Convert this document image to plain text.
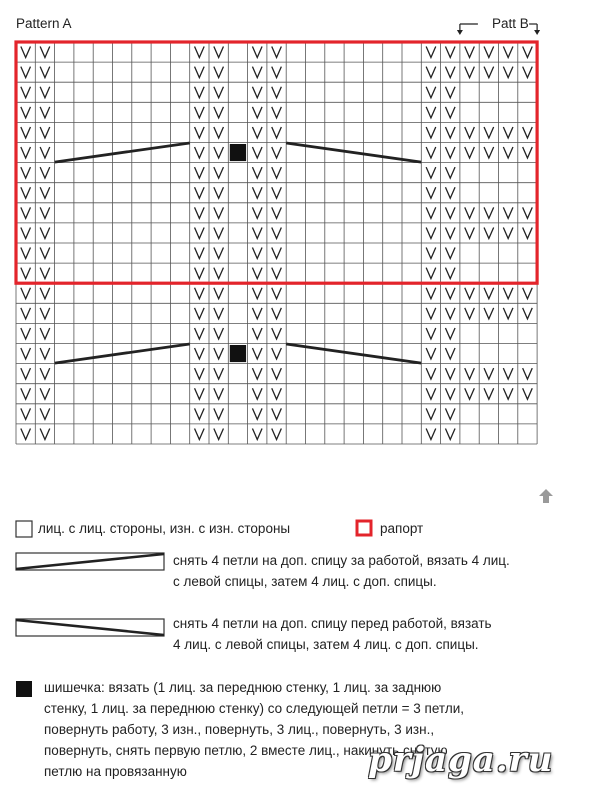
Pattern A	Patt B
лиц. с лиц. стороны, изн. с изн. стороны	рапорт
снять 4 петли на доп. спицу за работой, вязать 4 лиц.
с левой спицы, затем 4 лиц. с доп. спицы.
снять 4 петли на доп. спицу перед работой, вязать
4 лиц. с левой спицы, затем 4 лиц. с доп. спицы.
шишечка: вязать (1 лиц. за переднюю стенку, 1 лиц. за заднюю
стенку, 1 лиц. за переднюю стенку) со следующей петли = 3 петли,
повернуть работу, 3 изн., повернуть, 3 лиц., повернуть, 3 изн.,
повернуть, снять первую петлю, 2 вместе лиц., накинуть снятую
петлю на провязанную	prjaga.ru
